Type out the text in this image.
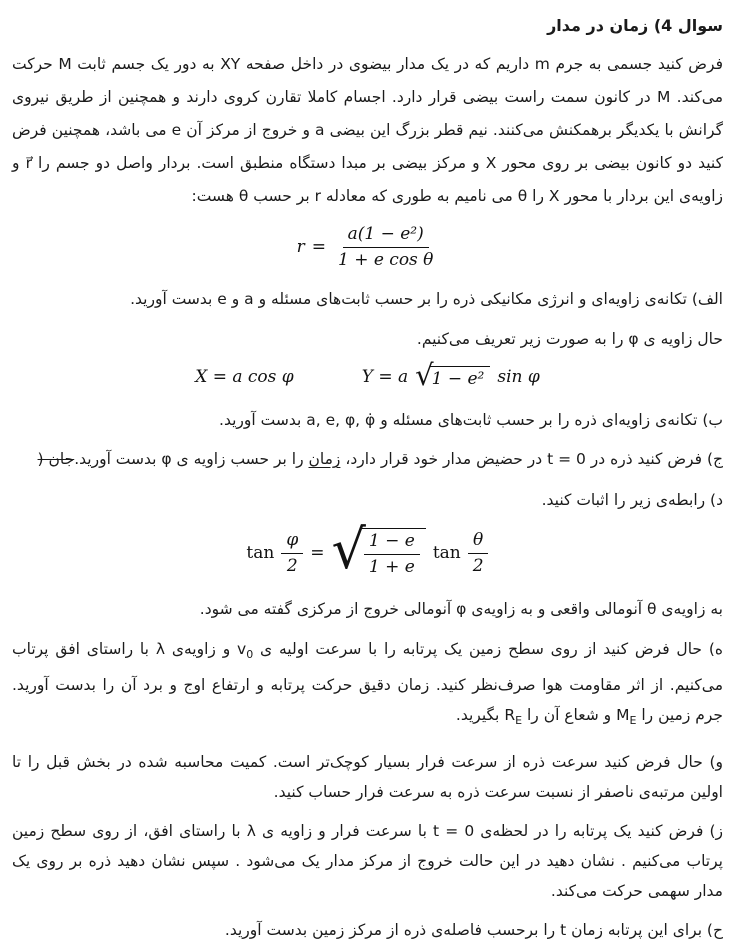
سوال 4) زمان در مدار

فرض کنید جسمی به جرم m داریم که در یک مدار بیضوی در داخل صفحه XY به دور یک جسم ثابت M حرکت می‌کند. M در کانون سمت راست بیضی قرار دارد. اجسام کاملا تقارن کروی دارند و همچنین از طریق نیروی گرانش با یکدیگر برهمکنش می‌کنند. نیم قطر بزرگ این بیضی a و خروج از مرکز آن e می باشد، همچنین فرض کنید دو کانون بیضی بر روی محور X و مرکز بیضی بر مبدا دستگاه منطبق است. بردار واصل دو جسم را r⃗ و زاویه‌ی این بردار با محور X را θ می نامیم به طوری که معادله r بر حسب θ هست:

$r = \frac{\text{a(1 − e²)}}{\text{1 + e cos θ}}$

الف) تکانه‌ی زاویه‌ای و انرژی مکانیکی ذره را بر حسب ثابت‌های مسئله و a و e بدست آورید.

حال زاویه ی φ را به صورت زیر تعریف می‌کنیم.

X = a cos φ	Y = a √
1 − e² sin φ

ب) تکانه‌ی زاویه‌ای ذره را بر حسب ثابت‌های مسئله و a, e, φ, φ̇ بدست آورید.

ج) فرض کنید ذره در t = 0 در حضیض مدار خود قرار دارد، زمان را بر حسب زاویه ی φ بدست آورید.جان (

د) رابطه‌ی زیر را اثبات کنید.

$\tan \frac{\varphi}{2}$ = √
$\frac{1 - e}{1 + e}$ $\tan \frac{\theta}{2}$

به زاویه‌ی θ آنومالی واقعی و به زاویه‌ی φ آنومالی خروج از مرکزی گفته می شود.

ه) حال فرض کنید از روی سطح زمین یک پرتابه را با سرعت اولیه ی $v_0$ و زاویه‌ی λ با راستای افق پرتاب می‌کنیم. از اثر مقاومت هوا صرف‌نظر کنید. زمان دقیق حرکت پرتابه و ارتفاع اوج و برد آن را بدست آورید. جرم زمین را $M_E$ و شعاع آن را $R_E$ بگیرید.

و) حال فرض کنید سرعت ذره از سرعت فرار بسیار کوچک‌تر است. کمیت محاسبه شده در بخش قبل را تا اولین مرتبه‌ی ناصفر از نسبت سرعت ذره به سرعت فرار حساب کنید.

ز) فرض کنید یک پرتابه را در لحظه‌ی t = 0 با سرعت فرار و زاویه ی λ با راستای افق، از روی سطح زمین پرتاب می‌کنیم . نشان دهید در این حالت خروج از مرکز مدار یک می‌شود . سپس نشان دهید ذره بر روی یک مدار سهمی حرکت می‌کند.

ح) برای این پرتابه زمان t را برحسب فاصله‌ی ذره از مرکز زمین بدست آورید.
